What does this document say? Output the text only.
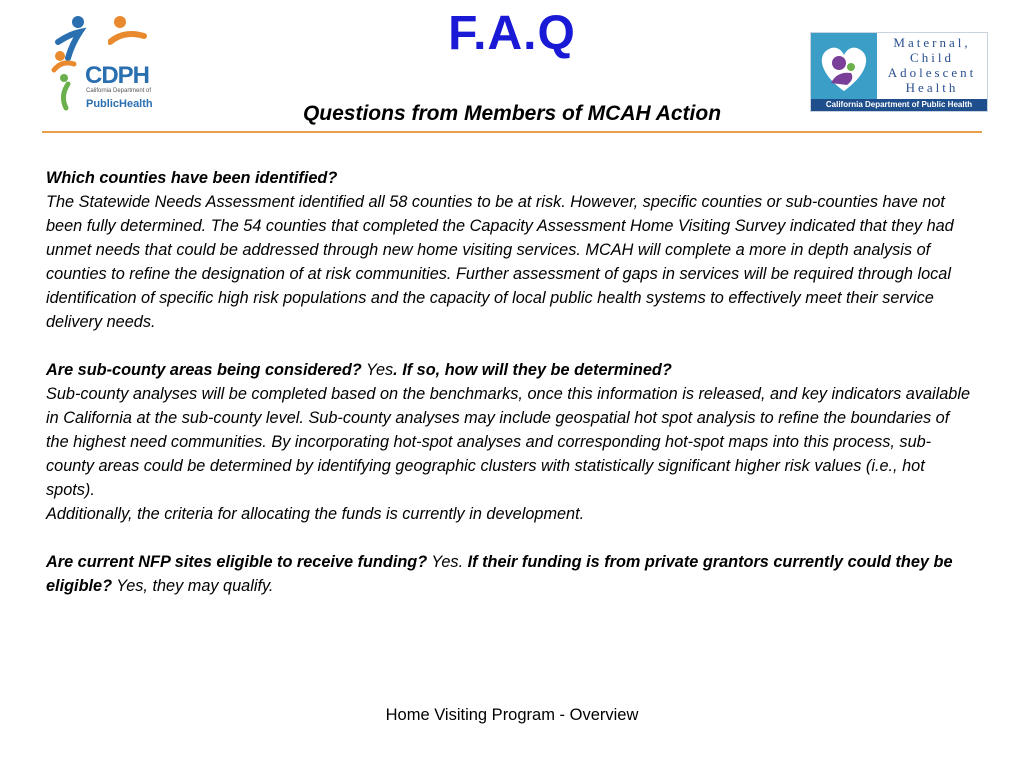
CDPH
California Department of
PublicHealth
F.A.Q
Questions from Members of MCAH Action
Maternal,
Child
Adolescent
Health
California Department of Public Health

Which counties have been identified?

The Statewide Needs Assessment identified all 58 counties to be at risk. However, specific counties or sub-counties have not been fully determined. The 54 counties that completed the Capacity Assessment Home Visiting Survey indicated that they had unmet needs that could be addressed through new home visiting services. MCAH will complete a more in depth analysis of counties to refine the designation of at risk communities. Further assessment of gaps in services will be required through local identification of specific high risk populations and the capacity of local public health systems to effectively meet their service delivery needs.

Are sub-county areas being considered? Yes. If so, how will they be determined?

Sub-county analyses will be completed based on the benchmarks, once this information is released, and key indicators available in California at the sub-county level. Sub-county analyses may include geospatial hot spot analysis to refine the boundaries of the highest need communities. By incorporating hot-spot analyses and corresponding hot-spot maps into this process, sub-county areas could be determined by identifying geographic clusters with statistically significant higher risk values (i.e., hot spots).

Additionally, the criteria for allocating the funds is currently in development.

Are current NFP sites eligible to receive funding? Yes. If their funding is from private grantors currently could they be eligible? Yes, they may qualify.

Home Visiting Program - Overview
